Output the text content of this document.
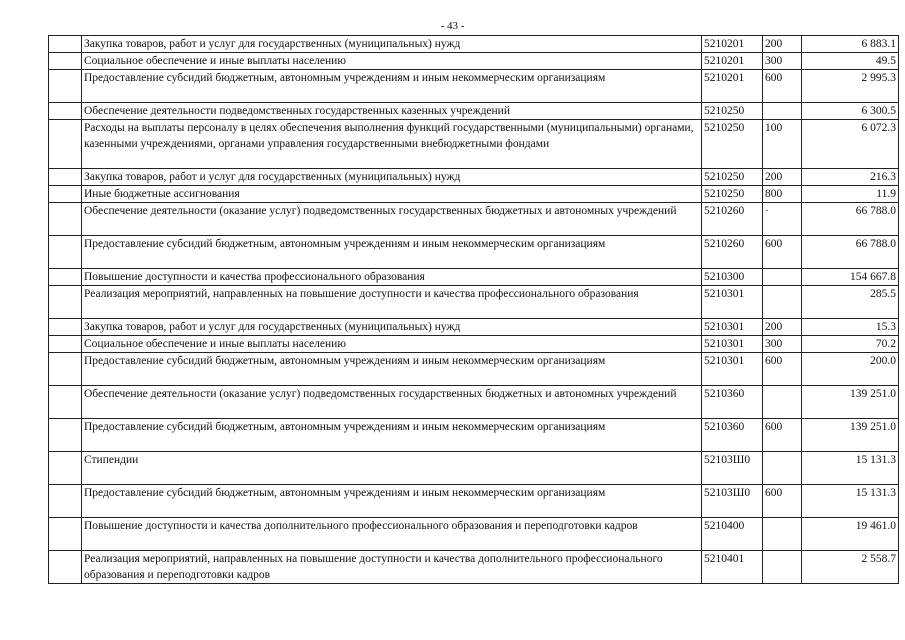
- 43 -
	Закупка товаров, работ и услуг для государственных (муниципальных) нужд	5210201	200	6 883.1
	Социальное обеспечение и иные выплаты населению	5210201	300	49.5
	Предоставление субсидий бюджетным, автономным учреждениям и иным некоммерческим организациям	5210201	600	2 995.3
	Обеспечение деятельности подведомственных государственных казенных учреждений	5210250		6 300.5
	Расходы на выплаты персоналу в целях обеспечения выполнения функций государственными (муниципальными) органами, казенными учреждениями, органами управления государственными внебюджетными фондами	5210250	100	6 072.3
	Закупка товаров, работ и услуг для государственных (муниципальных) нужд	5210250	200	216.3
	Иные бюджетные ассигнования	5210250	800	11.9
	Обеспечение деятельности (оказание услуг) подведомственных государственных бюджетных и автономных учреждений	5210260	·	66 788.0
	Предоставление субсидий бюджетным, автономным учреждениям и иным некоммерческим организациям	5210260	600	66 788.0
	Повышение доступности и качества профессионального образования	5210300		154 667.8
	Реализация мероприятий, направленных на повышение доступности и качества профессионального образования	5210301		285.5
	Закупка товаров, работ и услуг для государственных (муниципальных) нужд	5210301	200	15.3
	Социальное обеспечение и иные выплаты населению	5210301	300	70.2
	Предоставление субсидий бюджетным, автономным учреждениям и иным некоммерческим организациям	5210301	600	200.0
	Обеспечение деятельности (оказание услуг) подведомственных государственных бюджетных и автономных учреждений	5210360		139 251.0
	Предоставление субсидий бюджетным, автономным учреждениям и иным некоммерческим организациям	5210360	600	139 251.0
	Стипендии	52103Ш0		15 131.3
	Предоставление субсидий бюджетным, автономным учреждениям и иным некоммерческим организациям	52103Ш0	600	15 131.3
	Повышение доступности и качества дополнительного профессионального образования и переподготовки кадров	5210400		19 461.0
	Реализация мероприятий, направленных на повышение доступности и качества дополнительного профессионального образования и переподготовки кадров	5210401		2 558.7
